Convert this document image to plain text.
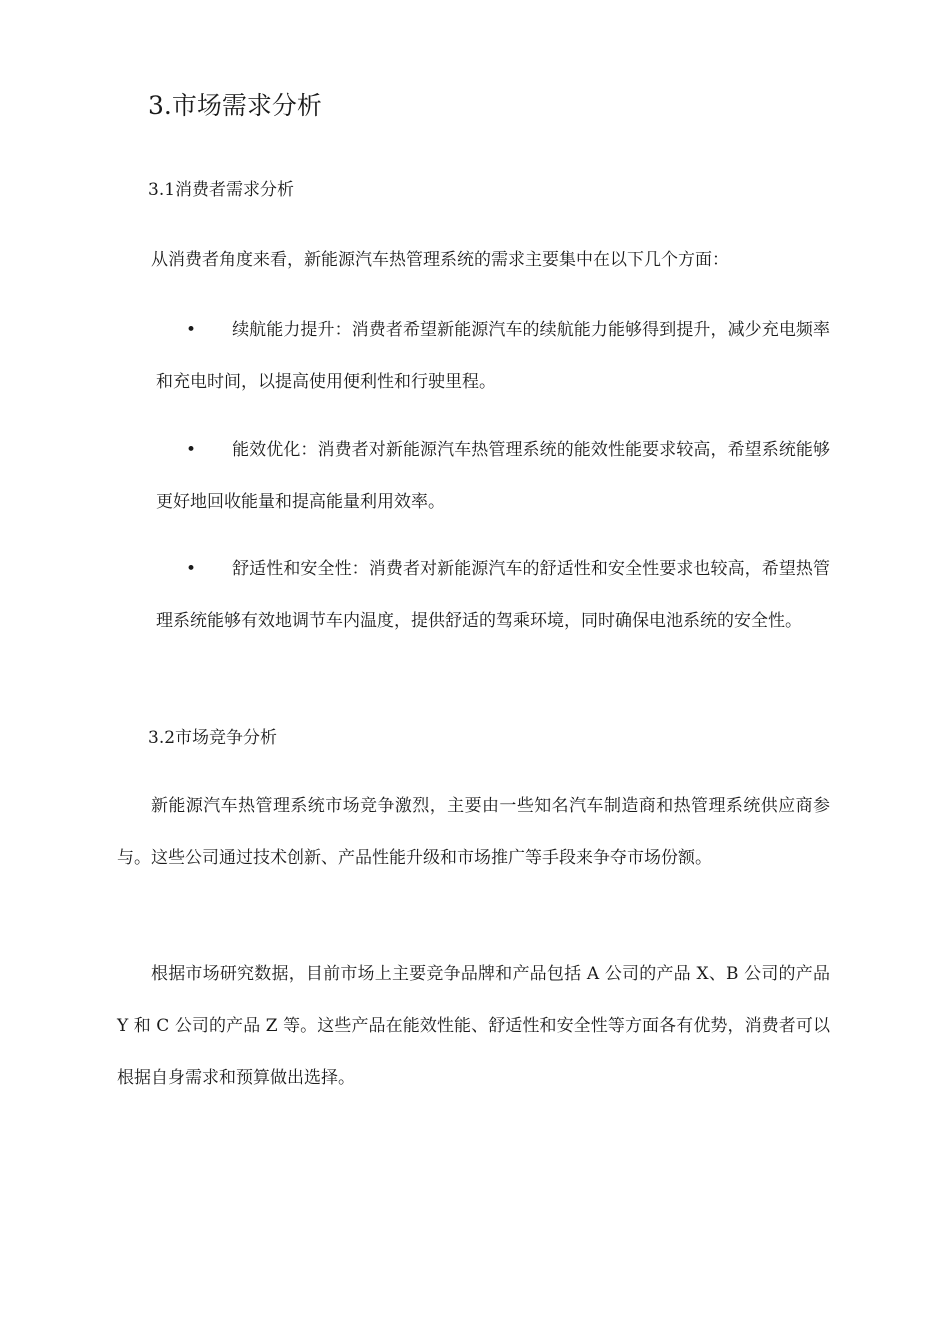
3.市场需求分析
3.1消费者需求分析
从消费者角度来看，新能源汽车热管理系统的需求主要集中在以下几个方面：
• 续航能力提升：消费者希望新能源汽车的续航能力能够得到提升，减少充电频率和充电时间，以提高使用便利性和行驶里程。
• 能效优化：消费者对新能源汽车热管理系统的能效性能要求较高，希望系统能够更好地回收能量和提高能量利用效率。
• 舒适性和安全性：消费者对新能源汽车的舒适性和安全性要求也较高，希望热管理系统能够有效地调节车内温度，提供舒适的驾乘环境，同时确保电池系统的安全性。
3.2市场竞争分析
新能源汽车热管理系统市场竞争激烈，主要由一些知名汽车制造商和热管理系统供应商参与。这些公司通过技术创新、产品性能升级和市场推广等手段来争夺市场份额。
根据市场研究数据，目前市场上主要竞争品牌和产品包括 A 公司的产品 X、B 公司的产品 Y 和 C 公司的产品 Z 等。这些产品在能效性能、舒适性和安全性等方面各有优势，消费者可以根据自身需求和预算做出选择。
